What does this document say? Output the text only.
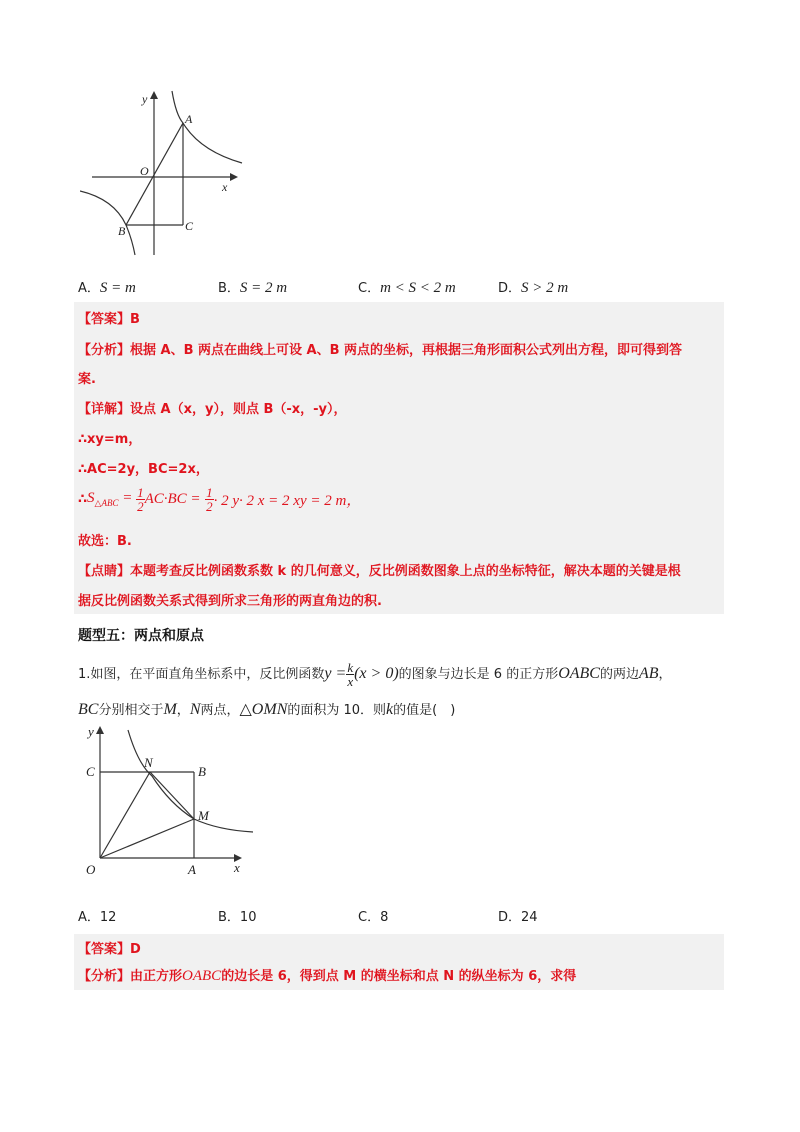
y
A
O
x
C
B
A．S = m	B．S = 2 m	C．m < S < 2 m	D．S > 2 m
【答案】B
【分析】根据 A、B 两点在曲线上可设 A、B 两点的坐标，再根据三角形面积公式列出方程，即可得到答
案.
【详解】设点 A（x，y），则点 B（-x，-y），
∴xy=m，
∴AC=2y，BC=2x，
$\therefore S_{\triangle ABC} = \frac{1}{2} AC\cdot BC = \frac{1}{2} \cdot 2$ y· 2 x = 2 xy = 2 m，
故选：B.
【点睛】本题考查反比例函数系数 k 的几何意义，反比例函数图象上点的坐标特征，解决本题的关键是根
据反比例函数关系式得到所求三角形的两直角边的积.
题型五：两点和原点
1.如图，在平面直角坐标系中，反比例函数$y = \frac{k}{x} (x > 0)$的图象与边长是 6 的正方形OABC的两边AB，
BC分别相交于M，N两点，△OMN的面积为 10．则k的值是(　)
y
C
N
B
M
O	A	x
A．12	B．10	C．8	D．24
【答案】D
【分析】由正方形OABC的边长是 6，得到点 M 的横坐标和点 N 的纵坐标为 6，求得
